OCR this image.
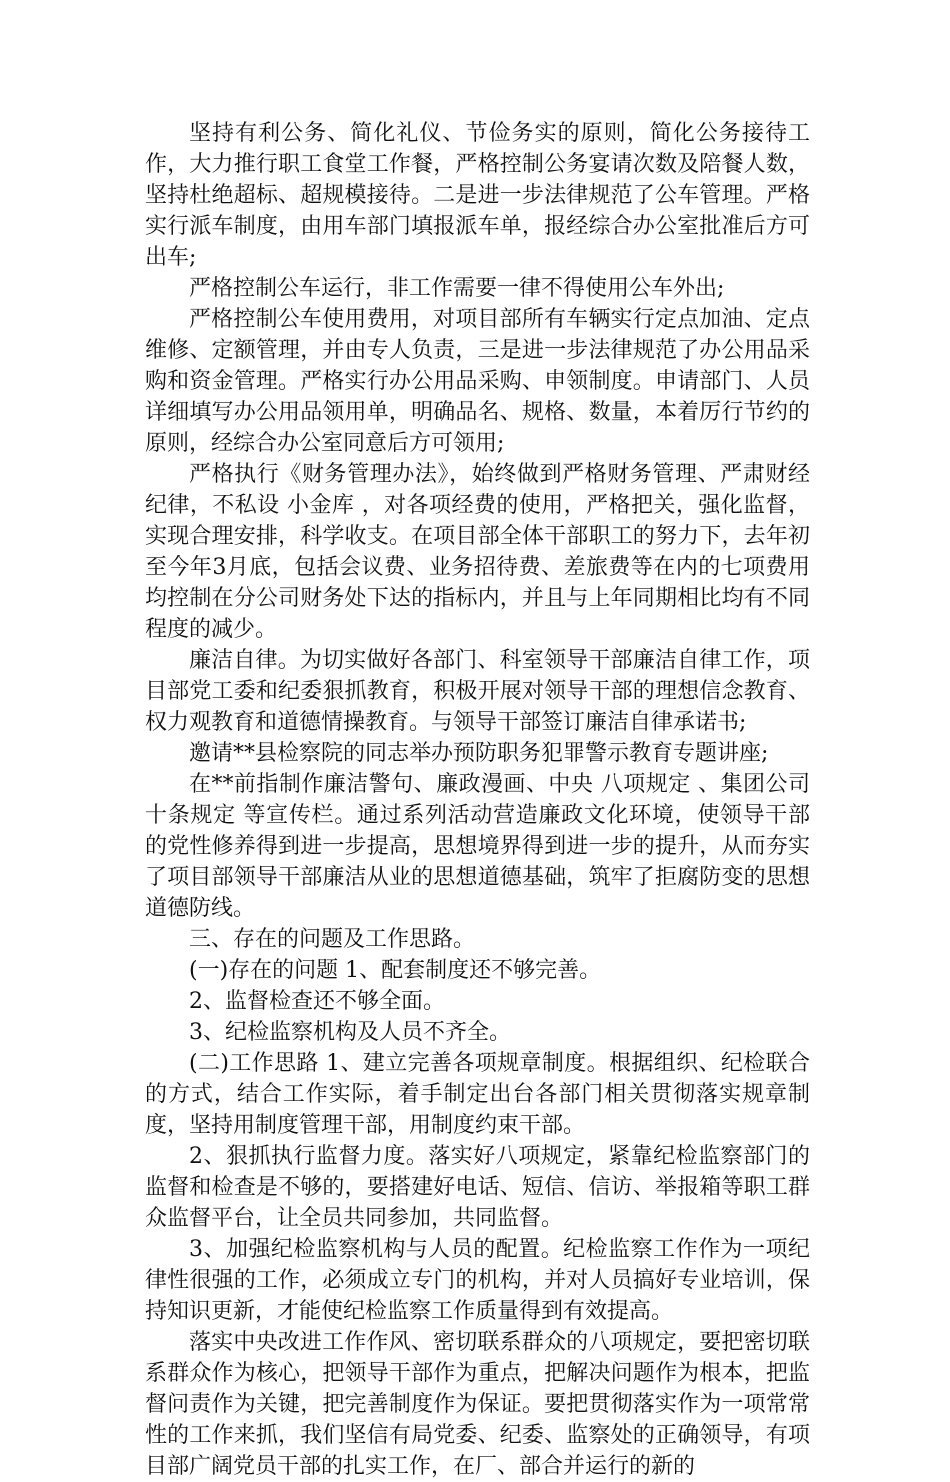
坚持有利公务、简化礼仪、节俭务实的原则，简化公务接待工作，大力推行职工食堂工作餐，严格控制公务宴请次数及陪餐人数，坚持杜绝超标、超规模接待。二是进一步法律规范了公车管理。严格实行派车制度，由用车部门填报派车单，报经综合办公室批准后方可出车;

严格控制公车运行，非工作需要一律不得使用公车外出;

严格控制公车使用费用，对项目部所有车辆实行定点加油、定点维修、定额管理，并由专人负责，三是进一步法律规范了办公用品采购和资金管理。严格实行办公用品采购、申领制度。申请部门、人员详细填写办公用品领用单，明确品名、规格、数量，本着厉行节约的原则，经综合办公室同意后方可领用;

严格执行《财务管理办法》，始终做到严格财务管理、严肃财经纪律，不私设 小金库 ，对各项经费的使用，严格把关，强化监督，实现合理安排，科学收支。在项目部全体干部职工的努力下，去年初至今年3月底，包括会议费、业务招待费、差旅费等在内的七项费用均控制在分公司财务处下达的指标内，并且与上年同期相比均有不同程度的减少。

廉洁自律。为切实做好各部门、科室领导干部廉洁自律工作，项目部党工委和纪委狠抓教育，积极开展对领导干部的理想信念教育、权力观教育和道德情操教育。与领导干部签订廉洁自律承诺书;

邀请**县检察院的同志举办预防职务犯罪警示教育专题讲座;

在**前指制作廉洁警句、廉政漫画、中央 八项规定 、集团公司 十条规定 等宣传栏。通过系列活动营造廉政文化环境，使领导干部的党性修养得到进一步提高，思想境界得到进一步的提升，从而夯实了项目部领导干部廉洁从业的思想道德基础，筑牢了拒腐防变的思想道德防线。

三、存在的问题及工作思路。

(一)存在的问题 1、配套制度还不够完善。

2、监督检查还不够全面。

3、纪检监察机构及人员不齐全。

(二)工作思路 1、建立完善各项规章制度。根据组织、纪检联合的方式，结合工作实际，着手制定出台各部门相关贯彻落实规章制度，坚持用制度管理干部，用制度约束干部。

2、狠抓执行监督力度。落实好八项规定，紧靠纪检监察部门的监督和检查是不够的，要搭建好电话、短信、信访、举报箱等职工群众监督平台，让全员共同参加，共同监督。

3、加强纪检监察机构与人员的配置。纪检监察工作作为一项纪律性很强的工作，必须成立专门的机构，并对人员搞好专业培训，保持知识更新，才能使纪检监察工作质量得到有效提高。

落实中央改进工作作风、密切联系群众的八项规定，要把密切联系群众作为核心，把领导干部作为重点，把解决问题作为根本，把监督问责作为关键，把完善制度作为保证。要把贯彻落实作为一项常常性的工作来抓，我们坚信有局党委、纪委、监察处的正确领导，有项目部广阔党员干部的扎实工作，在厂、部合并运行的新的
